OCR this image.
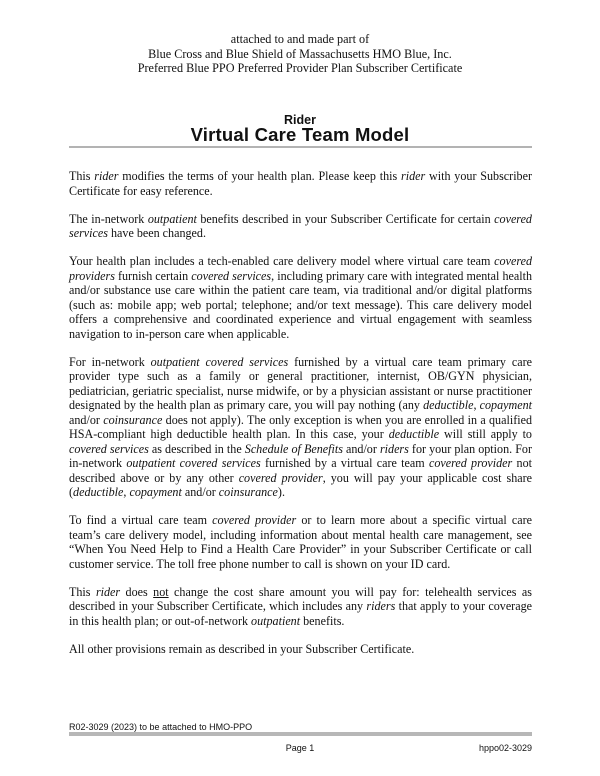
attached to and made part of
Blue Cross and Blue Shield of Massachusetts HMO Blue, Inc.
Preferred Blue PPO Preferred Provider Plan Subscriber Certificate
Rider
Virtual Care Team Model

This rider modifies the terms of your health plan. Please keep this rider with your Subscriber Certificate for easy reference.

The in-network outpatient benefits described in your Subscriber Certificate for certain covered services have been changed.

Your health plan includes a tech-enabled care delivery model where virtual care team covered providers furnish certain covered services, including primary care with integrated mental health and/or substance use care within the patient care team, via traditional and/or digital platforms (such as: mobile app; web portal; telephone; and/or text message). This care delivery model offers a comprehensive and coordinated experience and virtual engagement with seamless navigation to in-person care when applicable.

For in-network outpatient covered services furnished by a virtual care team primary care provider type such as a family or general practitioner, internist, OB/GYN physician, pediatrician, geriatric specialist, nurse midwife, or by a physician assistant or nurse practitioner designated by the health plan as primary care, you will pay nothing (any deductible, copayment and/or coinsurance does not apply). The only exception is when you are enrolled in a qualified HSA-compliant high deductible health plan. In this case, your deductible will still apply to covered services as described in the Schedule of Benefits and/or riders for your plan option. For in-network outpatient covered services furnished by a virtual care team covered provider not described above or by any other covered provider, you will pay your applicable cost share (deductible, copayment and/or coinsurance).

To find a virtual care team covered provider or to learn more about a specific virtual care team’s care delivery model, including information about mental health care management, see “When You Need Help to Find a Health Care Provider” in your Subscriber Certificate or call customer service. The toll free phone number to call is shown on your ID card.

This rider does not change the cost share amount you will pay for: telehealth services as described in your Subscriber Certificate, which includes any riders that apply to your coverage in this health plan; or out-of-network outpatient benefits.

All other provisions remain as described in your Subscriber Certificate.

R02-3029 (2023) to be attached to HMO-PPO
Page 1	hppo02-3029
